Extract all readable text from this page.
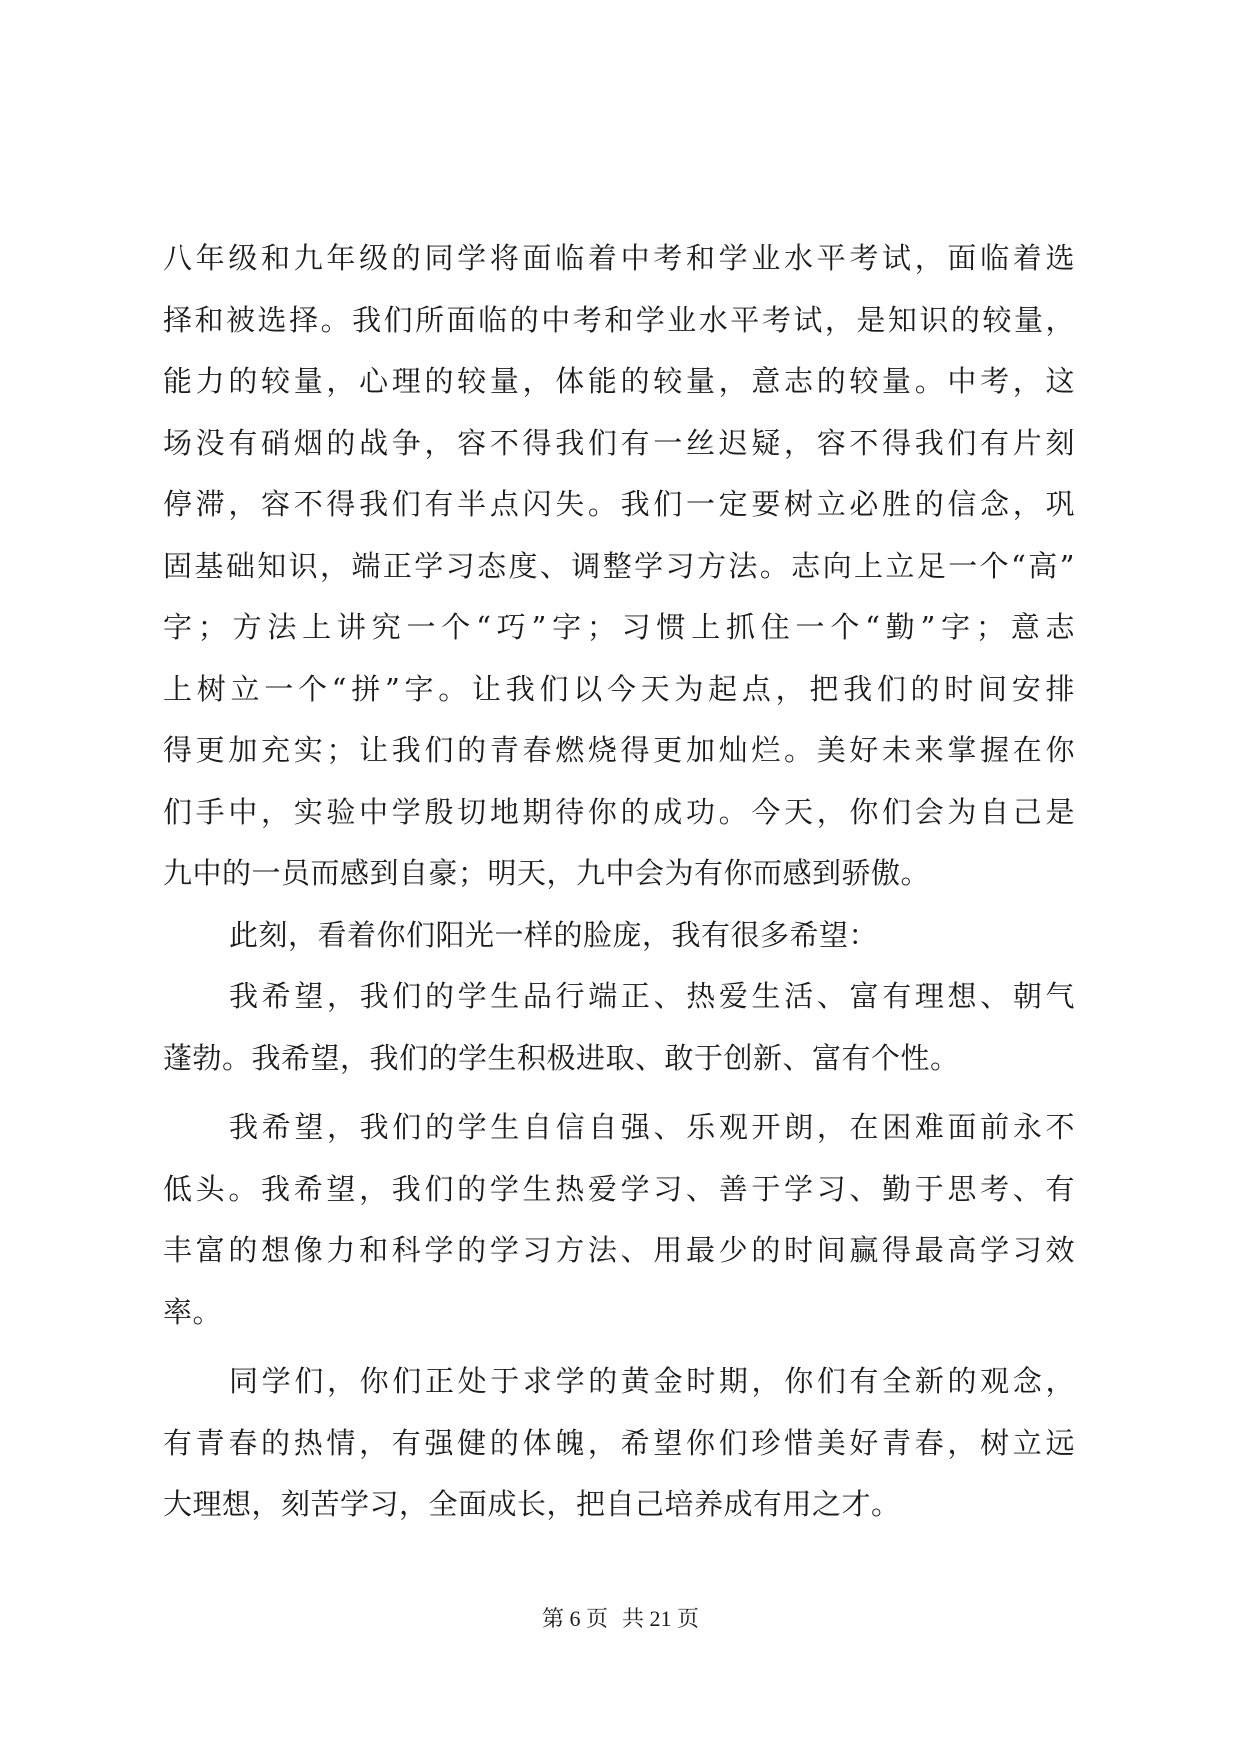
八年级和九年级的同学将面临着中考和学业水平考试，面临着选
择和被选择。我们所面临的中考和学业水平考试，是知识的较量，
能力的较量，心理的较量，体能的较量，意志的较量。中考，这
场没有硝烟的战争，容不得我们有一丝迟疑，容不得我们有片刻
停滞，容不得我们有半点闪失。我们一定要树立必胜的信念，巩
固基础知识，端正学习态度、调整学习方法。志向上立足一个“高”
字；方法上讲究一个“巧”字；习惯上抓住一个“勤”字；意志
上树立一个“拼”字。让我们以今天为起点，把我们的时间安排
得更加充实；让我们的青春燃烧得更加灿烂。美好未来掌握在你
们手中，实验中学殷切地期待你的成功。今天，你们会为自己是
九中的一员而感到自豪；明天，九中会为有你而感到骄傲。
此刻，看着你们阳光一样的脸庞，我有很多希望：
我希望，我们的学生品行端正、热爱生活、富有理想、朝气
蓬勃。我希望，我们的学生积极进取、敢于创新、富有个性。
我希望，我们的学生自信自强、乐观开朗，在困难面前永不
低头。我希望，我们的学生热爱学习、善于学习、勤于思考、有
丰富的想像力和科学的学习方法、用最少的时间赢得最高学习效
率。
同学们，你们正处于求学的黄金时期，你们有全新的观念，
有青春的热情，有强健的体魄，希望你们珍惜美好青春，树立远
大理想，刻苦学习，全面成长，把自己培养成有用之才。
第 6 页 共 21 页
